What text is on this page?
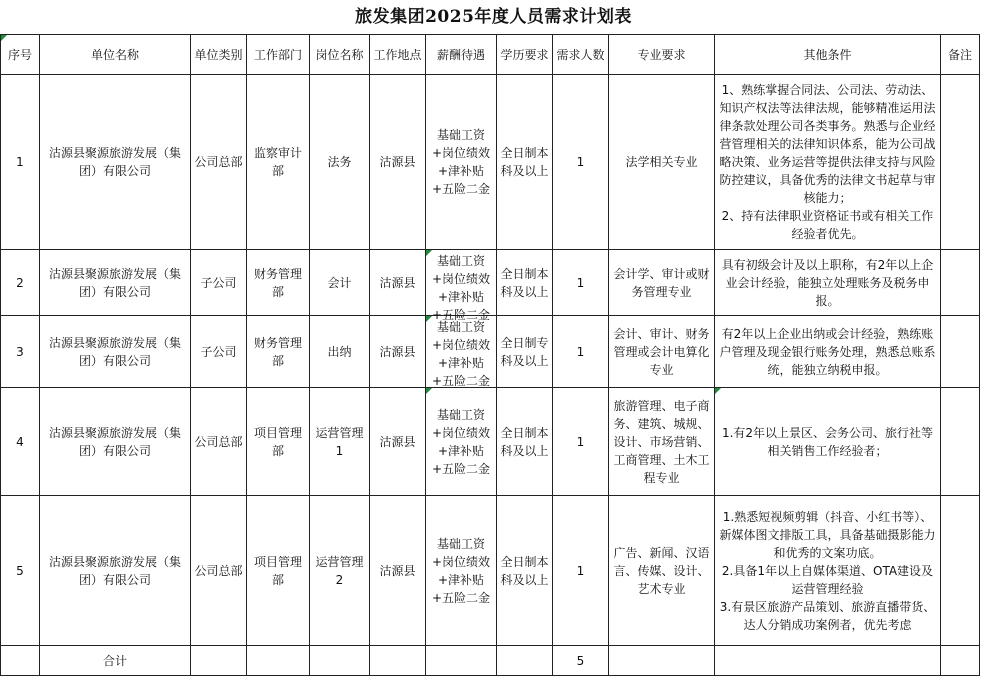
旅发集团2025年度人员需求计划表
序号	单位名称	单位类别	工作部门	岗位名称	工作地点	薪酬待遇	学历要求	需求人数	专业要求	其他条件	备注
1	沽源县聚源旅游发展（集团）有限公司	公司总部	监察审计部	法务	沽源县	基础工资+岗位绩效+津补贴+五险二金	全日制本科及以上	1	法学相关专业	1、熟练掌握合同法、公司法、劳动法、知识产权法等法律法规，能够精准运用法律条款处理公司各类事务。熟悉与企业经营管理相关的法律知识体系，能为公司战略决策、业务运营等提供法律支持与风险防控建议，具备优秀的法律文书起草与审核能力；
2、持有法律职业资格证书或有相关工作经验者优先。	

2	沽源县聚源旅游发展（集团）有限公司	子公司	财务管理部	会计	沽源县	基础工资+岗位绩效+津补贴+五险二金	全日制本科及以上	1	会计学、审计或财务管理专业	具有初级会计及以上职称，有2年以上企业会计经验，能独立处理账务及税务申报。	

3	沽源县聚源旅游发展（集团）有限公司	子公司	财务管理部	出纳	沽源县	基础工资+岗位绩效+津补贴+五险二金	全日制专科及以上	1	会计、审计、财务管理或会计电算化专业	有2年以上企业出纳或会计经验，熟练账户管理及现金银行账务处理，熟悉总账系统，能独立纳税申报。	
4	沽源县聚源旅游发展（集团）有限公司	公司总部	项目管理部	运营管理1	沽源县	基础工资+岗位绩效+津补贴+五险二金	全日制本科及以上	1	旅游管理、电子商务、建筑、城规、设计、市场营销、工商管理、土木工程专业	1.有2年以上景区、会务公司、旅行社等相关销售工作经验者；	

5	沽源县聚源旅游发展（集团）有限公司	公司总部	项目管理部	运营管理2	沽源县	基础工资+岗位绩效+津补贴+五险二金	全日制本科及以上	1	广告、新闻、汉语言、传媒、设计、艺术专业	1.熟悉短视频剪辑（抖音、小红书等）、新媒体图文排版工具，具备基础摄影能力和优秀的文案功底。
2.具备1年以上自媒体渠道、OTA建设及运营管理经验
3.有景区旅游产品策划、旅游直播带货、达人分销成功案例者，优先考虑	

	合计							5			
